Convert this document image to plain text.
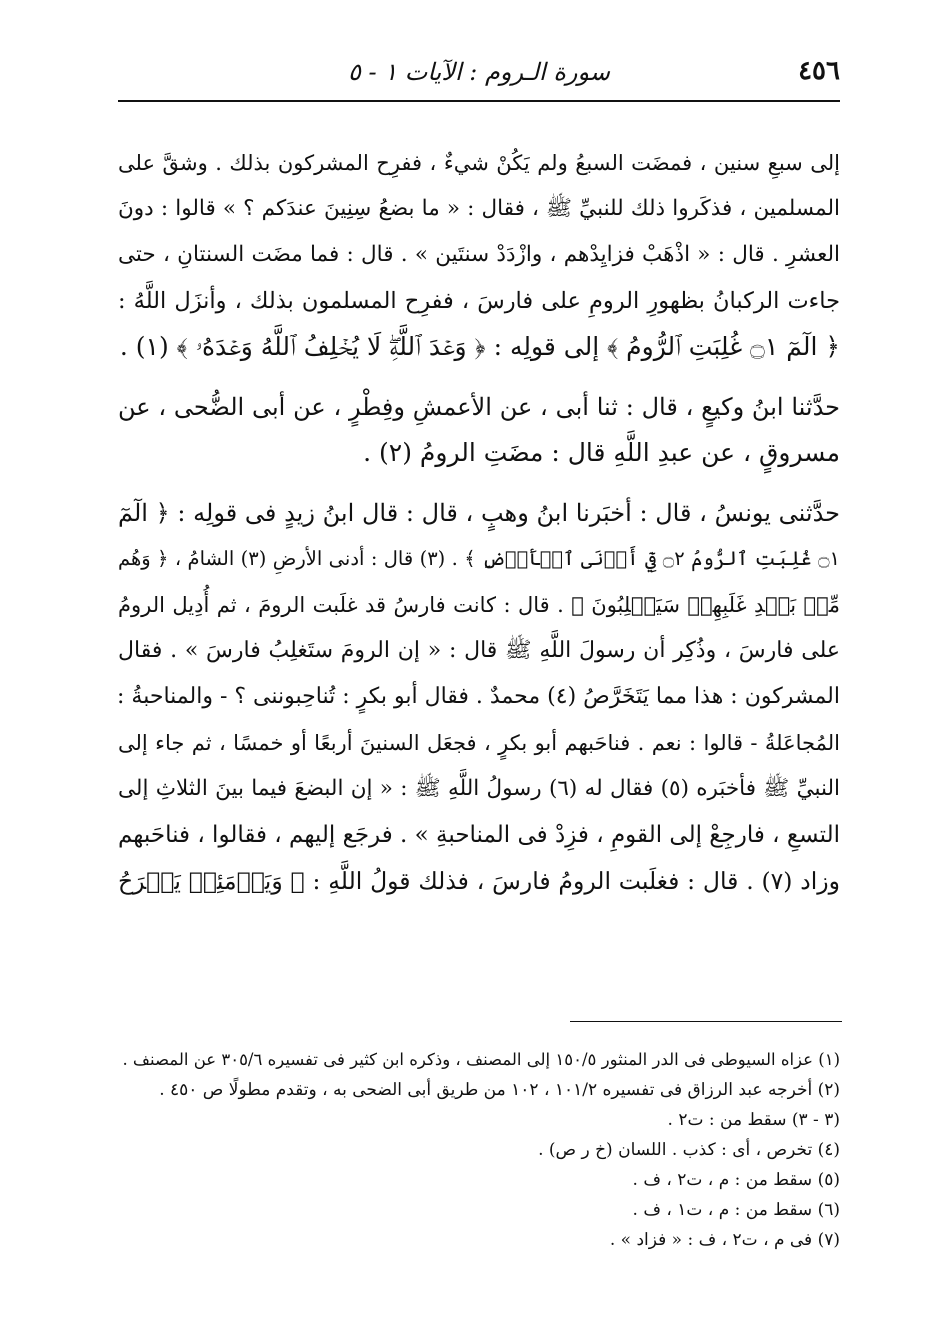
٤٥٦
سورة الـروم : الآيات ١ - ٥
إلى سبعِ سنين ، فمضَت السبعُ ولم يَكُنْ شيءٌ ، ففرِح المشركون بذلك . وشقَّ على
المسلمين ، فذكَروا ذلك للنبيِّ ﷺ ، فقال : « ما بضعُ سِنِينَ عندَكم ؟ » قالوا : دونَ
العشرِ . قال : « اذْهَبْ فزايِدْهم ، وازْدَدْ سنتَين » . قال : فما مضَت السنتانِ ، حتى
جاءت الركبانُ بظهورِ الرومِ على فارسَ ، ففرِح المسلمون بذلك ، وأنزَل اللَّهُ :
﴿ الٓمٓ ۝١ غُلِبَتِ ٱلرُّومُ ﴾ إلى قولِه : ﴿ وَعۡدَ ٱللَّهِۖ لَا يُخۡلِفُ ٱللَّهُ وَعۡدَهُۥ ﴾ (١) .
حدَّثنا ابنُ وكيعٍ ، قال : ثنا أبى ، عن الأعمشِ وفِطْرٍ ، عن أبى الضُّحى ، عن
مسروقٍ ، عن عبدِ اللَّهِ قال : مضَتِ الرومُ (٢) .
حدَّثنى يونسُ ، قال : أخبَرنا ابنُ وهبٍ ، قال : قال ابنُ زيدٍ فى قولِه : ﴿ الٓمٓ
۝١ غُلِبَتِ ٱلرُّومُ ۝٢ فِيٓ أَدۡنَى ٱلۡأَرۡضِ ﴾ . (٣) قال : أدنى الأرضِ (٣) الشامُ ، ﴿ وَهُم
مِّنۢ بَعۡدِ غَلَبِهِمۡ سَيَغۡلِبُونَ ﴾ . قال : كانت فارسُ قد غلَبت الرومَ ، ثم أُدِيل الرومُ
على فارسَ ، وذُكِر أن رسولَ اللَّهِ ﷺ قال : « إن الرومَ ستَغلِبُ فارسَ » . فقال
المشركون : هذا مما يَتَخَرَّصُ (٤) محمدٌ . فقال أبو بكرٍ : تُناحِبوننى ؟ - والمناحبةُ :
المُجاعَلةُ - قالوا : نعم . فناحَبهم أبو بكرٍ ، فجعَل السنينَ أربعًا أو خمسًا ، ثم جاء إلى
النبيِّ ﷺ فأخبَره (٥) فقال له (٦) رسولُ اللَّهِ ﷺ : « إن البضعَ فيما بينَ الثلاثِ إلى
التسعِ ، فارجِعْ إلى القومِ ، فزِدْ فى المناحبةِ » . فرجَع إليهم ، فقالوا ، فناحَبهم
وزاد (٧) . قال : فغلَبت الرومُ فارسَ ، فذلك قولُ اللَّهِ : ﴿ وَيَوۡمَئِذٖ يَفۡرَحُ
(١) عزاه السيوطى فى الدر المنثور ١٥٠/٥ إلى المصنف ، وذكره ابن كثير فى تفسيره ٣٠٥/٦ عن المصنف .
(٢) أخرجه عبد الرزاق فى تفسيره ١٠١/٢ ، ١٠٢ من طريق أبى الضحى به ، وتقدم مطولًا ص ٤٥٠ .
(٣ - ٣) سقط من : ت٢ .
(٤) تخرص ، أى : كذب . اللسان (خ ر ص) .
(٥) سقط من : م ، ت٢ ، ف .
(٦) سقط من : م ، ت١ ، ف .
(٧) فى م ، ت٢ ، ف : « فزاد » .
